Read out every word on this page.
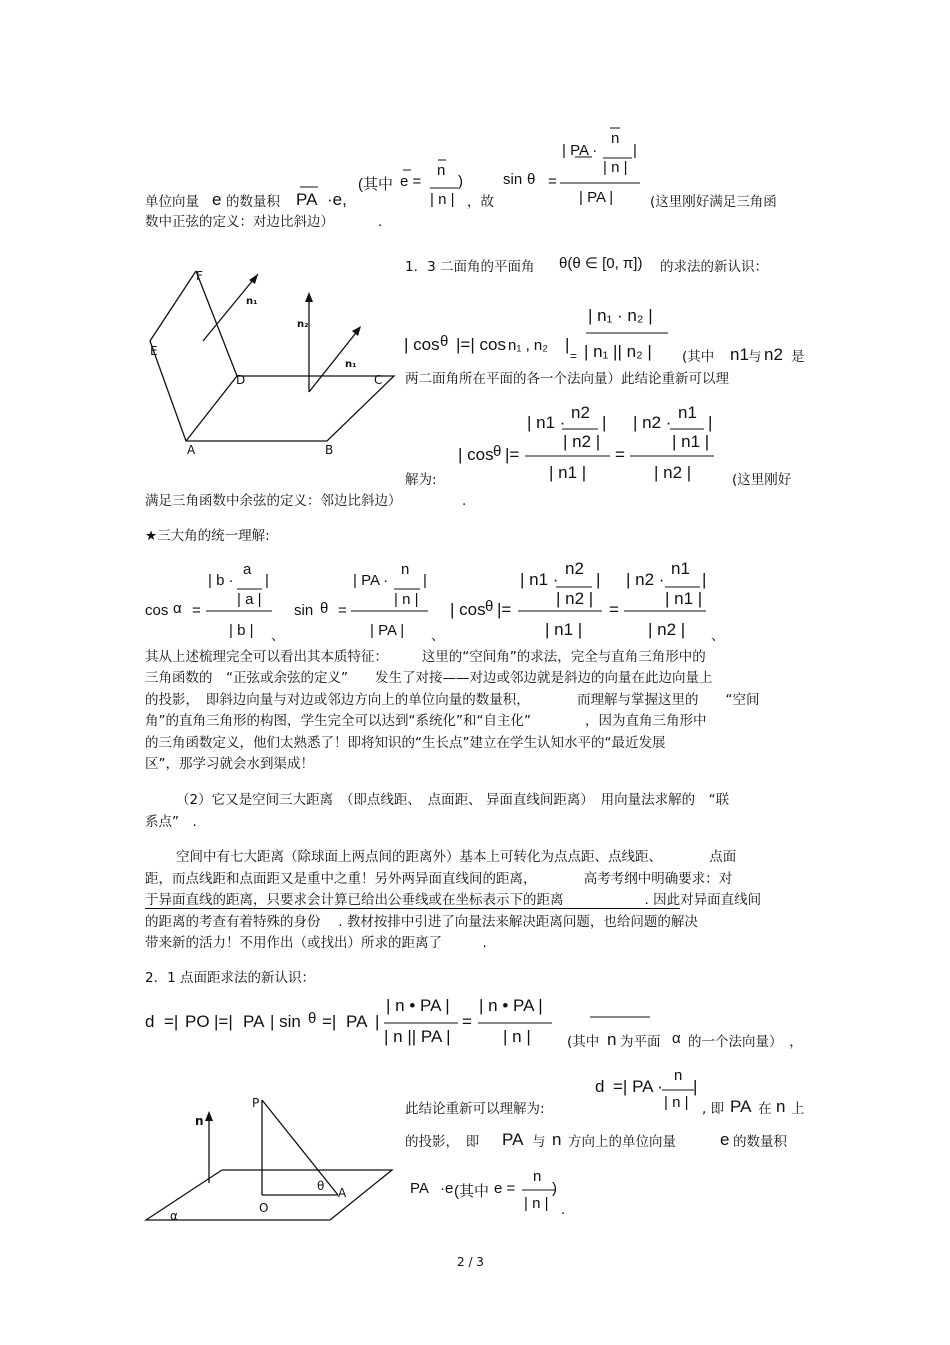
单位向量 e 的数量积 PA ·e,
(其中 e =
n
| n |
)
，故
sin θ =
| PA ·
n
|
| n |
| PA |	(这里刚好满足三角函
数中正弦的定义：对边比斜边）	.
1．3 二面角的平面角 θ(θ ∈ [0, π]) 的求法的新认识：
| cos θ |=| cos n₁ , n₂ |
=
| n₁ · n₂ |
| n₁ || n₂ | (其中 n1 与 n2 是
两二面角所在平面的各一个法向量）此结论重新可以理
| cos θ |=
| n1 ·
n2
|
| n2 |
| n1 |
=
| n2 ·
n1
|
| n1 |
| n2 |
解为:	(这里刚好
满足三角函数中余弦的定义：邻边比斜边）	.
F
E
D	C
A	B
n₁
n₂
n₁
★三大角的统一理解:
cos α =
| b ·
a
|
| a |
| b | 、
sin θ =
| PA ·
n
|
| n |
| PA | 、
| cos θ |=
| n1 ·
n2
|
| n2 |
| n1 |
=
| n2 ·
n1
|
| n1 |
| n2 | 、
其从上述梳理完全可以看出其本质特征：　　　这里的“空间角”的求法，完全与直角三角形中的
三角函数的　“正弦或余弦的定义”　　发生了对接——对边或邻边就是斜边的向量在此边向量上
的投影，　即斜边向量与对边或邻边方向上的单位向量的数量积，　　　　而理解与掌握这里的　　“空间
角”的直角三角形的构图，学生完全可以达到“系统化”和“自主化”　　　　，因为直角三角形中
的三角函数定义，他们太熟悉了！即将知识的“生长点”建立在学生认知水平的“最近发展
区”，那学习就会水到渠成！
（2）它又是空间三大距离　（即点线距、　点面距、 异面直线间距离）　用向量法求解的　“联
系点”　.
空间中有七大距离（除球面上两点间的距离外）基本上可转化为点点距、点线距、　　　　点面
距，而点线距和点面距又是重中之重！另外两异面直线间的距离，　　　　高考考纲中明确要求：对
于异面直线的距离，只要求会计算已给出公垂线或在坐标表示下的距离　　　　　　. 因此对异面直线间
的距离的考查有着特殊的身份　 . 教材按排中引进了向量法来解决距离问题，也给问题的解决
带来新的活力！不用作出（或找出）所求的距离了　　　.
2．1 点面距求法的新认识：
d =| PO |=| PA | sin θ =| PA |
| n • PA |
| n || PA |
=
| n • PA |
| n |	(其中 n 为平面 α 的一个法向量）　，
d =| PA ·
n
|
| n |
此结论重新可以理解为:	, 即 PA 在 n 上
的投影，　即 PA 与 n 方向上的单位向量	e 的数量积
PA ·e (其中 e =
n
| n |
)
.
n
P
θ A
O
α
2 / 3
